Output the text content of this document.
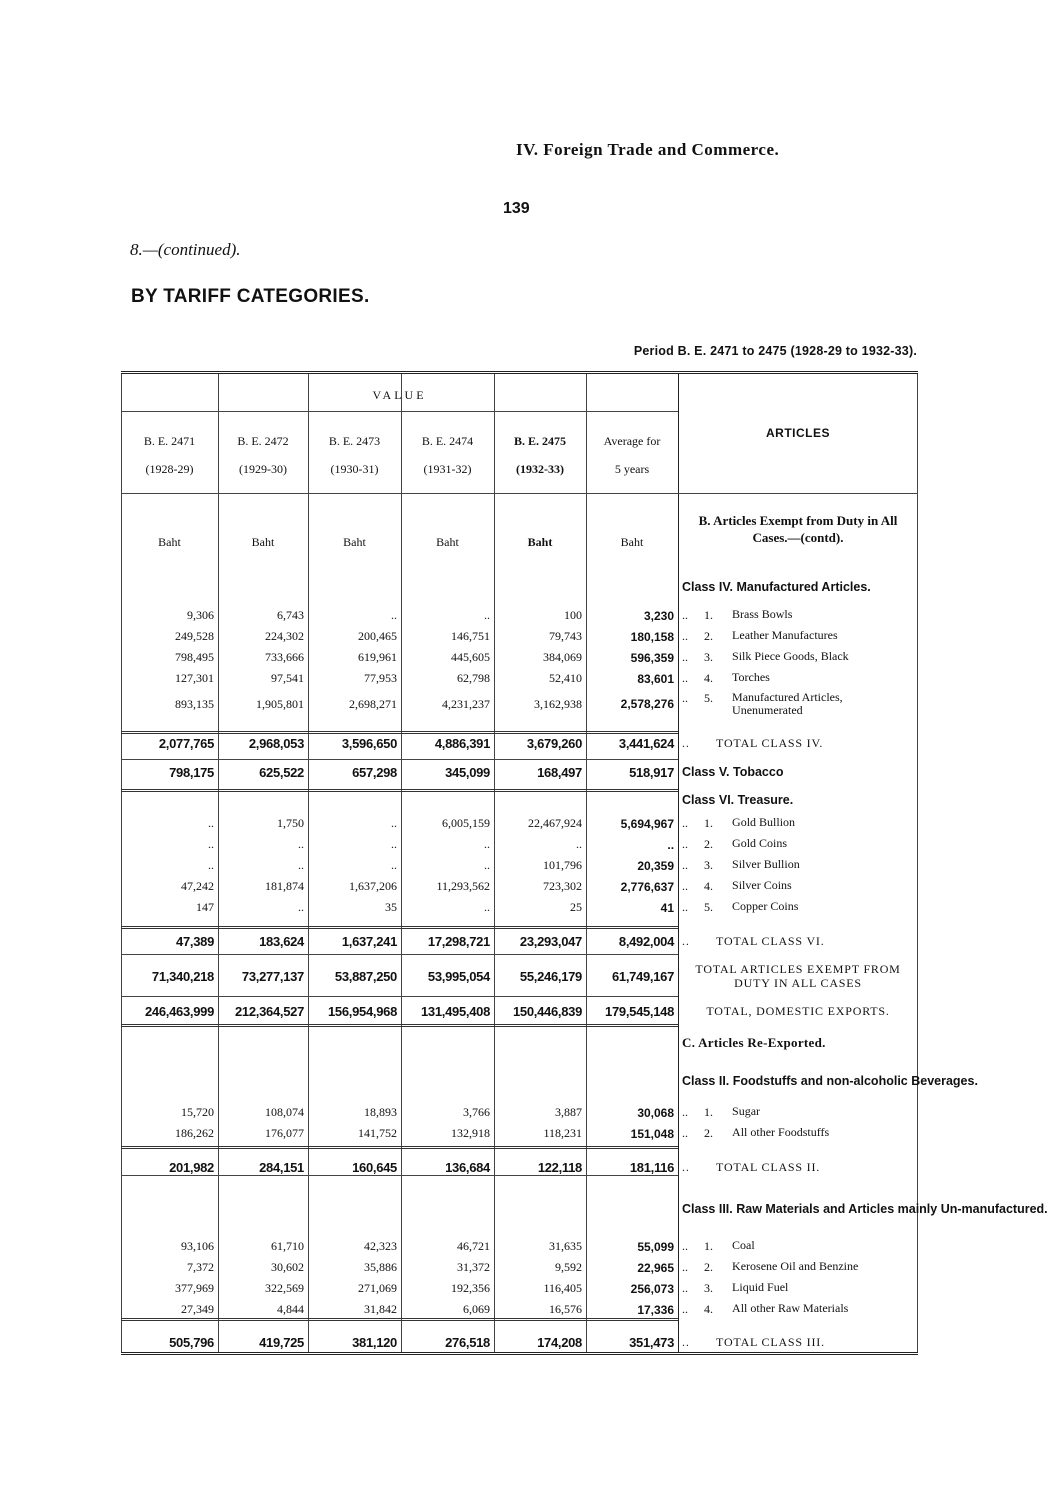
IV. Foreign Trade and Commerce.
139
8.—(continued).
BY TARIFF CATEGORIES.
Period B. E. 2471 to 2475 (1928-29 to 1932-33).
VALUE
ARTICLES
B. E. 2471
(1928-29)
B. E. 2472
(1929-30)
B. E. 2473
(1930-31)
B. E. 2474
(1931-32)
B. E. 2475
(1932-33)
Average for
5 years
Baht	Baht	Baht	Baht	Baht	Baht
B. Articles Exempt from Duty in All Cases.—(contd).
						Class IV. Manufactured Articles.
9,306	6,743	..	..	100	3,230	.. 1. Brass Bowls
249,528	224,302	200,465	146,751	79,743	180,158	.. 2. Leather Manufactures
798,495	733,666	619,961	445,605	384,069	596,359	.. 3. Silk Piece Goods, Black
127,301	97,541	77,953	62,798	52,410	83,601	.. 4. Torches
893,135	1,905,801	2,698,271	4,231,237	3,162,938	2,578,276	.. 5. Manufactured Articles, Unenumerated

2,077,765	2,968,053	3,596,650	4,886,391	3,679,260	3,441,624	.. TOTAL CLASS IV.
798,175	625,522	657,298	345,099	168,497	518,917	Class V. Tobacco
						Class VI. Treasure.
..	1,750	..	6,005,159	22,467,924	5,694,967	.. 1. Gold Bullion
..	..	..	..	..	..	.. 2. Gold Coins
..	..	..	..	101,796	20,359	.. 3. Silver Bullion
47,242	181,874	1,637,206	11,293,562	723,302	2,776,637	.. 4. Silver Coins
147	..	35	..	25	41	.. 5. Copper Coins

47,389	183,624	1,637,241	17,298,721	23,293,047	8,492,004	.. TOTAL CLASS VI.
71,340,218	73,277,137	53,887,250	53,995,054	55,246,179	61,749,167	TOTAL ARTICLES EXEMPT FROM DUTY IN ALL CASES
246,463,999	212,364,527	156,954,968	131,495,408	150,446,839	179,545,148	TOTAL, DOMESTIC EXPORTS.
						C. Articles Re-Exported.
						Class II. Foodstuffs and non-alcoholic Beverages.
15,720	108,074	18,893	3,766	3,887	30,068	.. 1. Sugar
186,262	176,077	141,752	132,918	118,231	151,048	.. 2. All other Foodstuffs

201,982	284,151	160,645	136,684	122,118	181,116	.. TOTAL CLASS II.
						Class III. Raw Materials and Articles mainly Un-manufactured.
93,106	61,710	42,323	46,721	31,635	55,099	.. 1. Coal
7,372	30,602	35,886	31,372	9,592	22,965	.. 2. Kerosene Oil and Benzine
377,969	322,569	271,069	192,356	116,405	256,073	.. 3. Liquid Fuel
27,349	4,844	31,842	6,069	16,576	17,336	.. 4. All other Raw Materials

505,796	419,725	381,120	276,518	174,208	351,473	.. TOTAL CLASS III.
